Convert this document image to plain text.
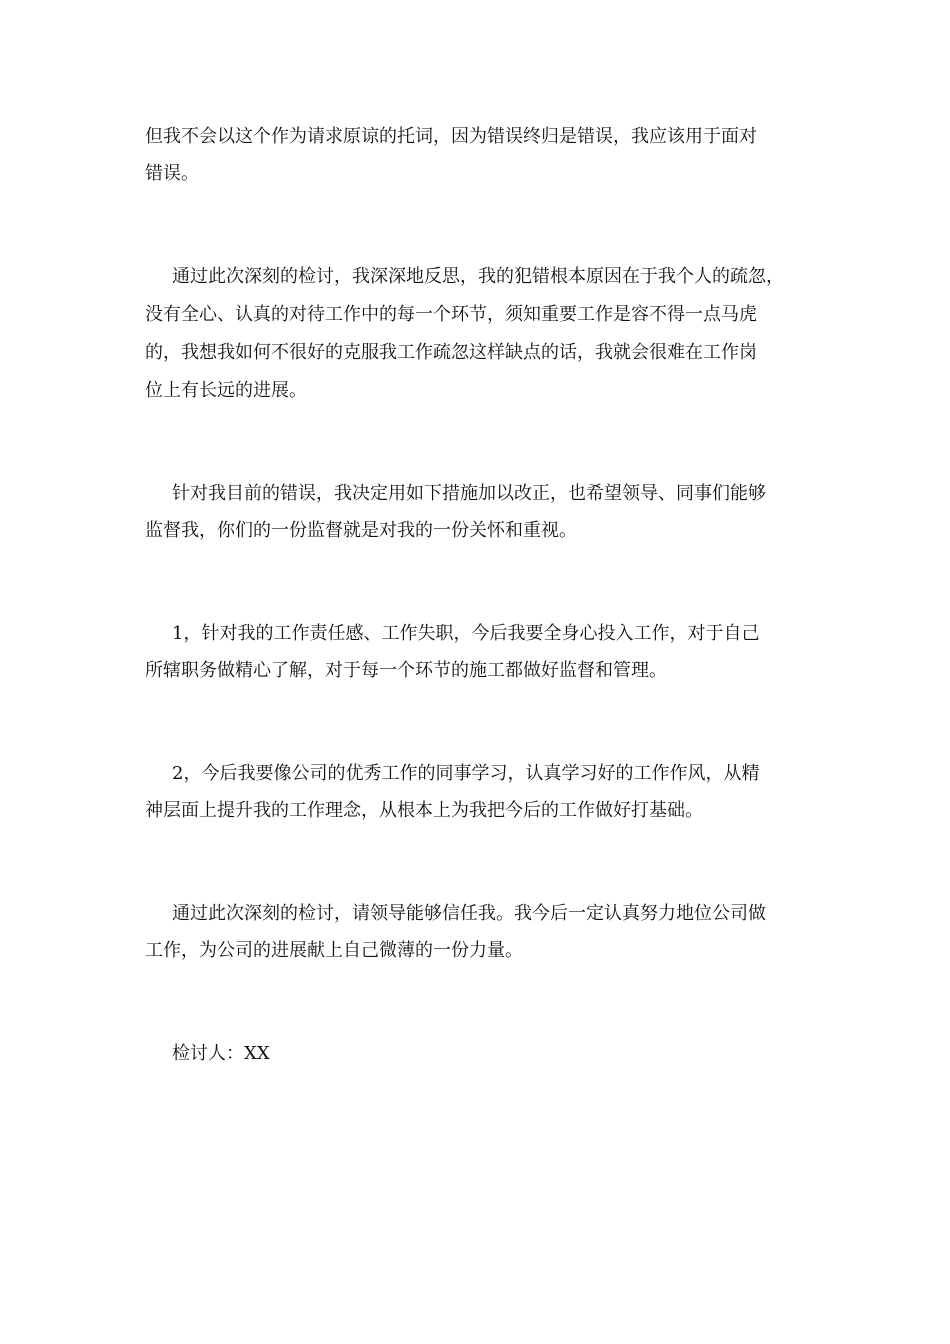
但我不会以这个作为请求原谅的托词，因为错误终归是错误，我应该用于面对
错误。
通过此次深刻的检讨，我深深地反思，我的犯错根本原因在于我个人的疏忽，
没有全心、认真的对待工作中的每一个环节，须知重要工作是容不得一点马虎
的，我想我如何不很好的克服我工作疏忽这样缺点的话，我就会很难在工作岗
位上有长远的进展。
针对我目前的错误，我决定用如下措施加以改正，也希望领导、同事们能够
监督我，你们的一份监督就是对我的一份关怀和重视。
1，针对我的工作责任感、工作失职，今后我要全身心投入工作，对于自己
所辖职务做精心了解，对于每一个环节的施工都做好监督和管理。
2，今后我要像公司的优秀工作的同事学习，认真学习好的工作作风，从精
神层面上提升我的工作理念，从根本上为我把今后的工作做好打基础。
通过此次深刻的检讨，请领导能够信任我。我今后一定认真努力地位公司做
工作，为公司的进展献上自己微薄的一份力量。
检讨人：XX
